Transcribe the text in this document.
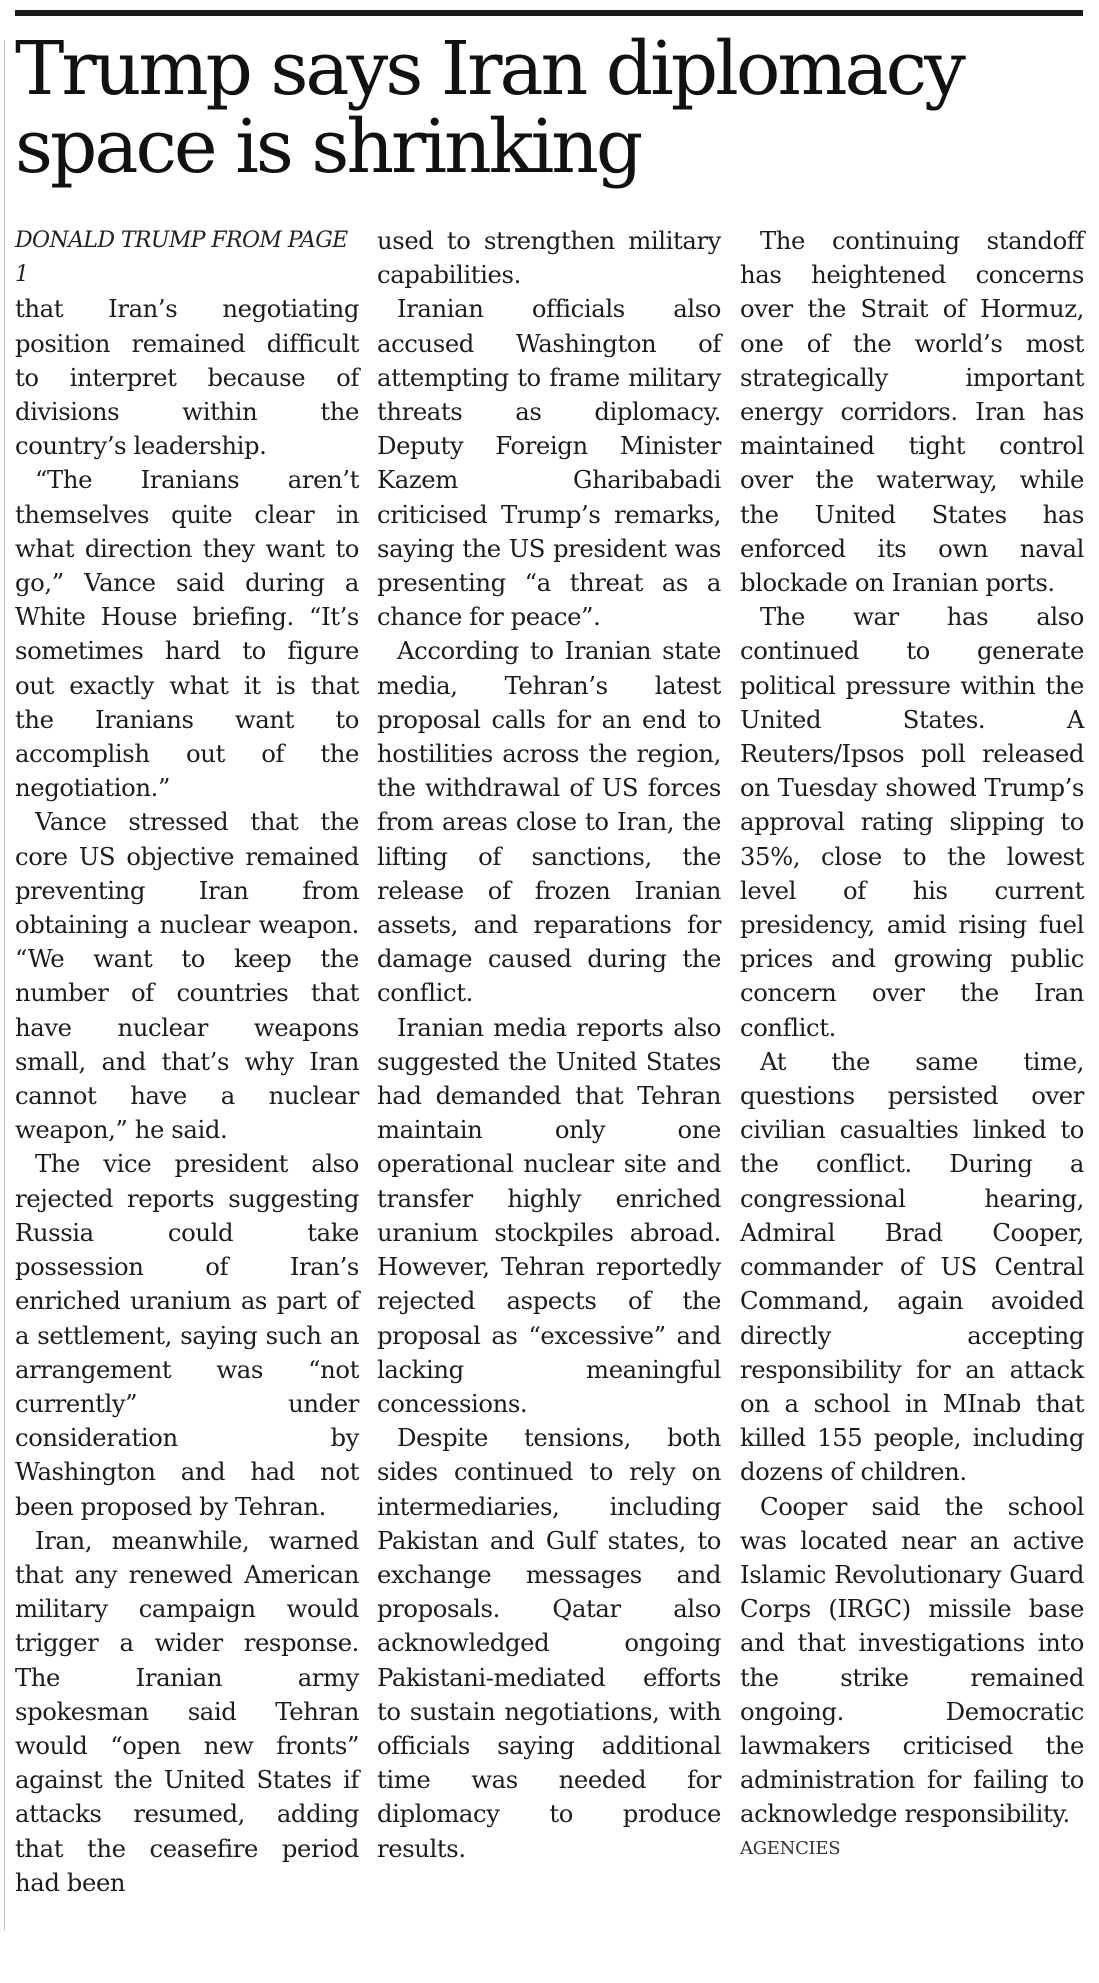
Trump says Iran diplomacy space is shrinking
DONALD TRUMP FROM PAGE 1

that Iran’s negotiating position remained difficult to interpret because of divisions within the country’s leadership.

“The Iranians aren’t themselves quite clear in what direction they want to go,” Vance said during a White House briefing. “It’s sometimes hard to figure out exactly what it is that the Iranians want to accomplish out of the negotiation.”

Vance stressed that the core US objective remained preventing Iran from obtaining a nuclear weapon. “We want to keep the number of countries that have nuclear weapons small, and that’s why Iran cannot have a nuclear weapon,” he said.

The vice president also rejected reports suggesting Russia could take possession of Iran’s enriched uranium as part of a settlement, saying such an arrangement was “not currently” under consideration by Washington and had not been proposed by Tehran.

Iran, meanwhile, warned that any renewed American military campaign would trigger a wider response. The Iranian army spokesman said Tehran would “open new fronts” against the United States if attacks resumed, adding that the ceasefire period had been

used to strengthen military capabilities.

Iranian officials also accused Washington of attempting to frame military threats as diplomacy. Deputy Foreign Minister Kazem Gharibabadi criticised Trump’s remarks, saying the US president was presenting “a threat as a chance for peace”.

According to Iranian state media, Tehran’s latest proposal calls for an end to hostilities across the region, the withdrawal of US forces from areas close to Iran, the lifting of sanctions, the release of frozen Iranian assets, and reparations for damage caused during the conflict.

Iranian media reports also suggested the United States had demanded that Tehran maintain only one operational nuclear site and transfer highly enriched uranium stockpiles abroad. However, Tehran reportedly rejected aspects of the proposal as “excessive” and lacking meaningful concessions.

Despite tensions, both sides continued to rely on intermediaries, including Pakistan and Gulf states, to exchange messages and proposals. Qatar also acknowledged ongoing Pakistani-mediated efforts to sustain negotiations, with officials saying additional time was needed for diplomacy to produce results.

The continuing standoff has heightened concerns over the Strait of Hormuz, one of the world’s most strategically important energy corridors. Iran has maintained tight control over the waterway, while the United States has enforced its own naval blockade on Iranian ports.

The war has also continued to generate political pressure within the United States. A Reuters/Ipsos poll released on Tuesday showed Trump’s approval rating slipping to 35%, close to the lowest level of his current presidency, amid rising fuel prices and growing public concern over the Iran conflict.

At the same time, questions persisted over civilian casualties linked to the conflict. During a congressional hearing, Admiral Brad Cooper, commander of US Central Command, again avoided directly accepting responsibility for an attack on a school in MInab that killed 155 people, including dozens of children.

Cooper said the school was located near an active Islamic Revolutionary Guard Corps (IRGC) missile base and that investigations into the strike remained ongoing. Democratic lawmakers criticised the administration for failing to acknowledge responsibility.

AGENCIES
